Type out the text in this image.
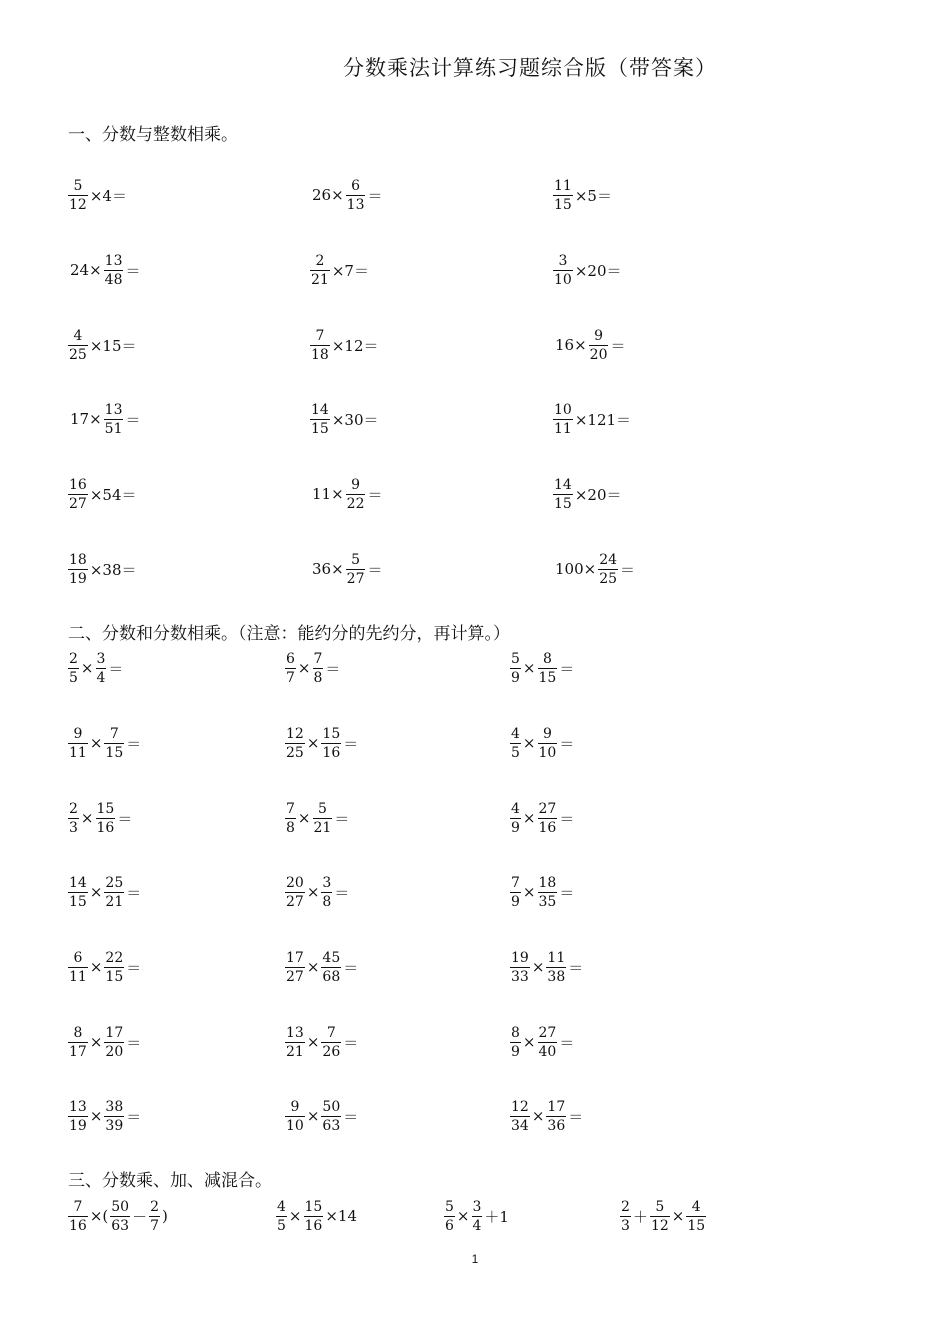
分数乘法计算练习题综合版（带答案）
一、分数与整数相乘。
$\frac{5}{12} \times 4=$	$26\times \frac{6}{13}$ ＝	$\frac{11}{15} \times 5=$
$24\times \frac{13}{48}$ ＝	$\frac{2}{21} \times 7=$	$\frac{3}{10} \times 20=$
$\frac{4}{25} \times 15=$	$\frac{7}{18} \times 12=$	$16\times \frac{9}{20}$ ＝
$17\times \frac{13}{51}$ ＝	$\frac{14}{15} \times 30=$	$\frac{10}{11} \times 121=$
$\frac{16}{27} \times 54=$	$11\times \frac{9}{22}$ ＝	$\frac{14}{15} \times 20=$
$\frac{18}{19} \times 38=$	$36\times \frac{5}{27}$ ＝	$100\times \frac{24}{25}$ ＝
二、分数和分数相乘。（注意：能约分的先约分，再计算。）
$\frac{2}{5} \times \frac{3}{4}$ ＝	$\frac{6}{7} \times \frac{7}{8}$ ＝	$\frac{5}{9} \times \frac{8}{15}$ ＝
$\frac{9}{11} \times \frac{7}{15}$ ＝	$\frac{12}{25} \times \frac{15}{16}$ ＝	$\frac{4}{5} \times \frac{9}{10}$ ＝
$\frac{2}{3} \times \frac{15}{16}$ ＝	$\frac{7}{8} \times \frac{5}{21}$ ＝	$\frac{4}{9} \times \frac{27}{16}$ ＝
$\frac{14}{15} \times \frac{25}{21}$ ＝	$\frac{20}{27} \times \frac{3}{8}$ ＝	$\frac{7}{9} \times \frac{18}{35}$ ＝
$\frac{6}{11} \times \frac{22}{15}$ ＝	$\frac{17}{27} \times \frac{45}{68}$ ＝	$\frac{19}{33} \times \frac{11}{38}$ ＝
$\frac{8}{17} \times \frac{17}{20}$ ＝	$\frac{13}{21} \times \frac{7}{26}$ ＝	$\frac{8}{9} \times \frac{27}{40}$ ＝
$\frac{13}{19} \times \frac{38}{39}$ ＝	$\frac{9}{10} \times \frac{50}{63}$ ＝	$\frac{12}{34} \times \frac{17}{36}$ ＝
三、分数乘、加、减混合。
$\frac{7}{16}$ ×( $\frac{50}{63} - \frac{2}{7}$ )	$\frac{4}{5} \times \frac{15}{16} \times 14$	$\frac{5}{6} \times \frac{3}{4} +1$	$\frac{2}{3} + \frac{5}{12} \times \frac{4}{15}$
1
